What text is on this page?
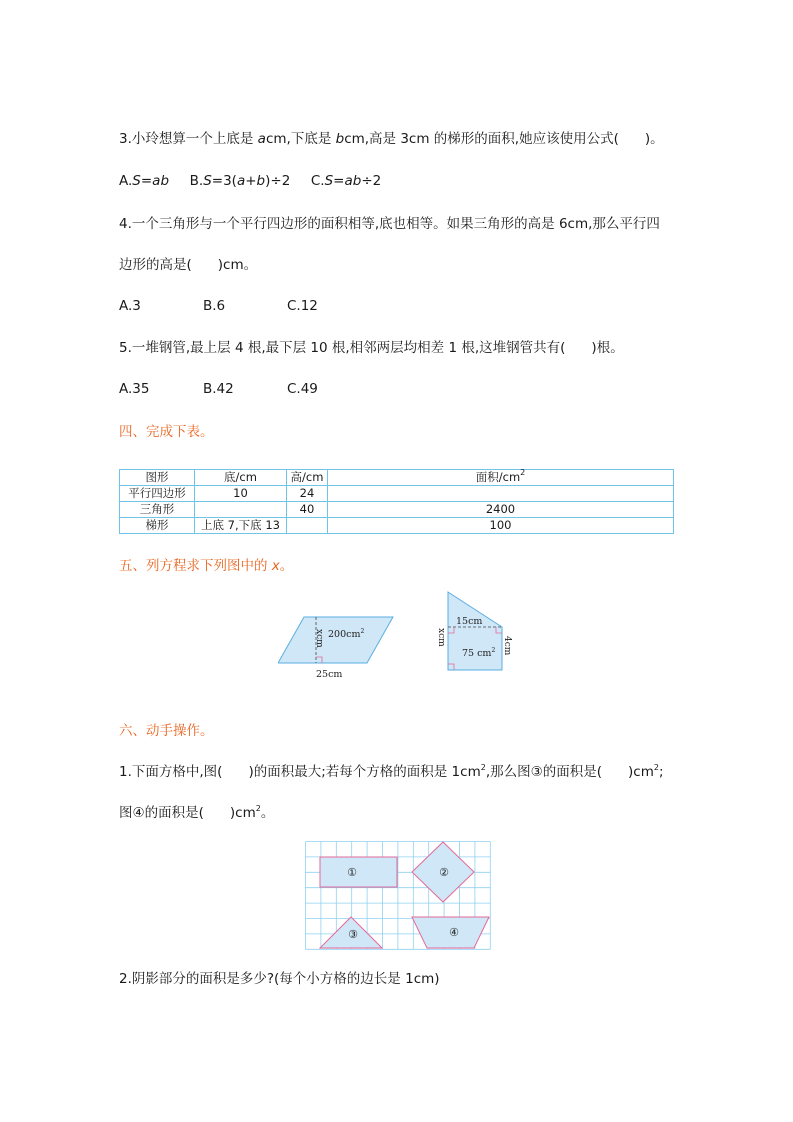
3.小玲想算一个上底是 acm,下底是 bcm,高是 3cm 的梯形的面积,她应该使用公式( )。
A.S=ab B.S=3(a+b)÷2 C.S=ab÷2
4.一个三角形与一个平行四边形的面积相等,底也相等。如果三角形的高是 6cm,那么平行四
边形的高是( )cm。
A.3	B.6	C.12
5.一堆钢管,最上层 4 根,最下层 10 根,相邻两层均相差 1 根,这堆钢管共有( )根。
A.35	B.42	C.49
四、完成下表。
图形	底/cm	高/cm	面积$/cm^2$
平行四边形	10	24	
三角形		40	2400
梯形	上底 7,下底 13		100
五、列方程求下列图中的 x。
$200cm^2$
xcm
25cm
15cm
xcm	4cm
75 $cm^2$
六、动手操作。
1.下面方格中,图( )的面积最大;若每个方格的面积是 $1cm^2$,那么图③的面积是( )$cm^2$;
图④的面积是( )$cm^2$。
①	②
③	④
2.阴影部分的面积是多少?(每个小方格的边长是 1cm)
